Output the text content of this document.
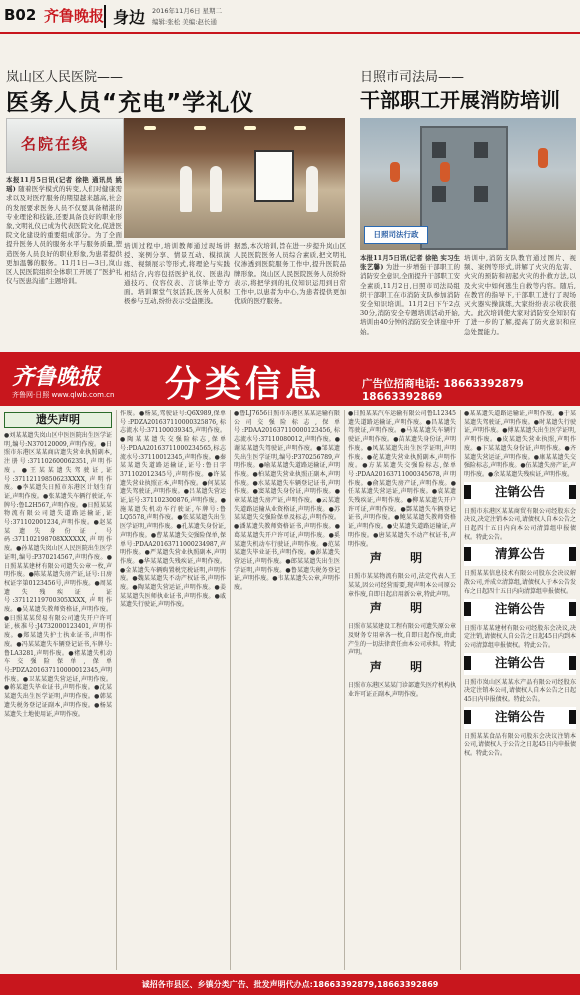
B02 齐鲁晚报 身边 2016年11月6日 星期二
编辑:张松 美编:赵长通
岚山区人民医院——
医务人员“充电”学礼仪
名院在线
本报11月5日讯(记者 徐艳 通讯员 姚瑶) 随着医学模式的转变,人们对健康需求以及对医疗服务的期望越来越高,社会的发展要求医务人员不仅要具备精湛的专业理论和技能,还要具备良好的职业形象,文明礼仪已成为代表医院文化,促进医院文化建设的重要组成部分。为了全面提升医务人员的服务水平与服务质量,塑造医务人员良好的职业形象,为患者提供更加温馨的服务。11月1日—3日,岚山区人民医院组织全体职工开展了“医护礼仪与医患沟通”主题培训。
培训过程中,培训教师通过现场讲授、案例分享、情景互动、模拟演练、视频展示等形式,将理论与实践相结合,内容包括医护礼仪、医患沟通技巧、仪容仪表、言谈举止等方面。培训课堂气氛活跃,医务人员积极参与互动,纷纷表示受益匪浅。
据悉,本次培训,旨在进一步提升岚山区人民医院医务人员综合素质,把文明礼仪渗透到医院服务工作中,提升医院品牌形象。岚山区人民医院医务人员纷纷表示,将把学到的礼仪知识运用到日常工作中,以患者为中心,为患者提供更加优质的医疗服务。
日照市司法局——
干部职工开展消防培训
日照司法行政
本报11月5日讯(记者 徐艳 实习生 张艺馨) 为进一步增强干部职工的消防安全意识,全面提升干部职工安全素质,11月2日,日照市司法局组织干部职工在市消防支队参加消防安全知识培训。11月2日下午2点30分,消防安全专题培训活动开始,培训由40分钟的消防安全讲座中开始。
培训中,消防支队教官通过图片、视频、案例等形式,讲解了火灾的危害、火灾的预防和初起火灾的扑救方法,以及火灾中如何逃生自救等内容。随后,在教官的指导下,干部职工进行了现场灭火器实操演练,大家纷纷表示收获很大。此次培训使大家对消防安全知识有了进一步的了解,提高了防火意识和应急处置能力。
齐鲁晚报
齐鲁网·日照 www.qlwb.com.cn 分类信息	广告位招商电话: 18663392879   18663392869
遗失声明
●刘某某遗失岚山区中医医院出生医学证明,编号:N370120009,声明作废。●日照市东港区某某商店遗失营业执照副本,注册号:371102600062351,声明作废。●王某某遗失驾驶证,证号:37112119850623XXXX,声明作废。●李某遗失日照市东港区计划生育证,声明作废。●张某遗失车辆行驶证,车牌号:鲁L2H567,声明作废。●日照某某物流有限公司遗失道路运输证,证号:371102001234,声明作废。●赵某某遗失身份证,号码:371102198708XXXXXX,声明作废。●孙某遗失岚山区人民医院出生医学证明,编号:P370214567,声明作废。●日照某某建材有限公司遗失公章一枚,声明作废。●陈某某遗失房产证,证号:日房权证字第0123456号,声明作废。●周某遗失残疾证,证号:37112119700305XXXX,声明作废。●吴某遗失教师资格证,声明作废。●日照某某贸易有限公司遗失开户许可证,核准号:J4732000123401,声明作废。●郑某遗失护士执业证书,声明作废。●冯某某遗失车辆登记证书,车牌号:鲁LA3281,声明作废。●褚某遗失机动车交强险保单,保单号:PDZA201637110000012345,声明作废。●卫某某遗失营运证,声明作废。●蒋某遗失毕业证书,声明作废。●沈某某遗失出生医学证明,声明作废。●韩某遗失税务登记证副本,声明作废。●杨某某遗失土地使用证,声明作废。
作废。●杨某,驾驶证号:Q6X989,保单号:PDZA201637110000325876,标志流水号:371100039345,声明作废。●陶某某遗失交强险标志,保单号:PDAA20163711000234565,标志流水号:37110012345,声明作废。●秦某某遗失道路运输证,证号:鲁日字371102012345号,声明作废。●许某遗失营业执照正本,声明作废。●何某某遗失驾驶证,声明作废。●吕某遗失营运证,证号:371102300876,声明作废。●施某遗失机动车行驶证,车牌号:鲁LQ5578,声明作废。●张某某遗失出生医学证明,声明作废。●孔某遗失身份证,声明作废。●曹某某遗失交强险保单,保单号:PDAA20163711000234987,声明作废。●严某遗失营业执照副本,声明作废。●华某某遗失残疾证,声明作废。●金某遗失车辆购置税完税证明,声明作废。●魏某某遗失不动产权证书,声明作废。●陶某遗失营运证,声明作废。●姜某某遗失医师执业证书,声明作废。●戚某遗失行驶证,声明作废。
●鲁LJ7656日照市东港区某某运输有限公司交强险标志,保单号:PDAA201637110000123456,标志流水号:37110080012,声明作废。●谢某某遗失驾驶证,声明作废。●邹某遗失出生医学证明,编号:P370256789,声明作废。●喻某某遗失道路运输证,声明作废。●柏某遗失营业执照正副本,声明作废。●水某某遗失车辆登记证书,声明作废。●窦某遗失身份证,声明作废。●章某某遗失房产证,声明作废。●云某遗失道路运输从业资格证,声明作废。●苏某某遗失交强险保单及标志,声明作废。●潘某遗失教师资格证书,声明作废。●葛某某遗失开户许可证,声明作废。●奚某遗失机动车行驶证,声明作废。●范某某遗失毕业证书,声明作废。●彭某遗失营运证,声明作废。●郎某某遗失出生医学证明,声明作废。●鲁某遗失税务登记证,声明作废。●韦某某遗失公章,声明作废。
●日照某某汽车运输有限公司鲁L12345遗失道路运输证,声明作废。●昌某遗失驾驶证,声明作废。●马某某遗失车辆行驶证,声明作废。●苗某遗失身份证,声明作废。●凤某某遗失出生医学证明,声明作废。●花某遗失营业执照副本,声明作废。●方某某遗失交强险标志,保单号:PDAA20163711000345678,声明作废。●俞某遗失房产证,声明作废。●任某某遗失营运证,声明作废。●袁某遗失残疾证,声明作废。●柳某某遗失开户许可证,声明作废。●酆某遗失车辆登记证书,声明作废。●鲍某某遗失教师资格证,声明作废。●史某遗失道路运输证,声明作废。●唐某某遗失不动产权证书,声明作废。
声 明
日照市某某物流有限公司,法定代表人王某某,因公司经营需要,现声明本公司原公章作废,自即日起启用新公章,特此声明。
声 明
日照市某某建设工程有限公司遗失原公章及财务专用章各一枚,自即日起作废,由此产生的一切法律责任由本公司承担。特此声明。
声 明
日照市东港区某某门诊部遗失医疗机构执业许可证正副本,声明作废。
●某某遗失道路运输证,声明作废。●于某某遗失驾驶证,声明作废。●时某遗失行驶证,声明作废。●傅某某遗失出生医学证明,声明作废。●皮某遗失营业执照,声明作废。●卞某某遗失身份证,声明作废。●齐某遗失营运证,声明作废。●康某某遗失交强险标志,声明作废。●伍某遗失房产证,声明作废。●余某某遗失残疾证,声明作废。
注销公告
日照市东港区某某商贸有限公司经股东会决议,决定注销本公司,请债权人自本公告之日起四十五日内向本公司清算组申报债权。特此公告。
清算公告
日照某某信息技术有限公司股东会决议解散公司,并成立清算组,请债权人于本公告发布之日起四十五日内向清算组申报债权。
注销公告
日照市某某建材有限公司经股东会决议,决定注销,请债权人自公告之日起45日内到本公司清算组申报债权。特此公告。
注销公告
日照市岚山区某某水产品有限公司经股东决定注销本公司,请债权人自本公告之日起45日内申报债权。特此公告。
注销公告
日照某某食品有限公司股东会决议注销本公司,请债权人于公告之日起45日内申报债权。特此公告。
诚招各市县区、乡镇分类广告、批发声明代办点:18663392879,18663392869
